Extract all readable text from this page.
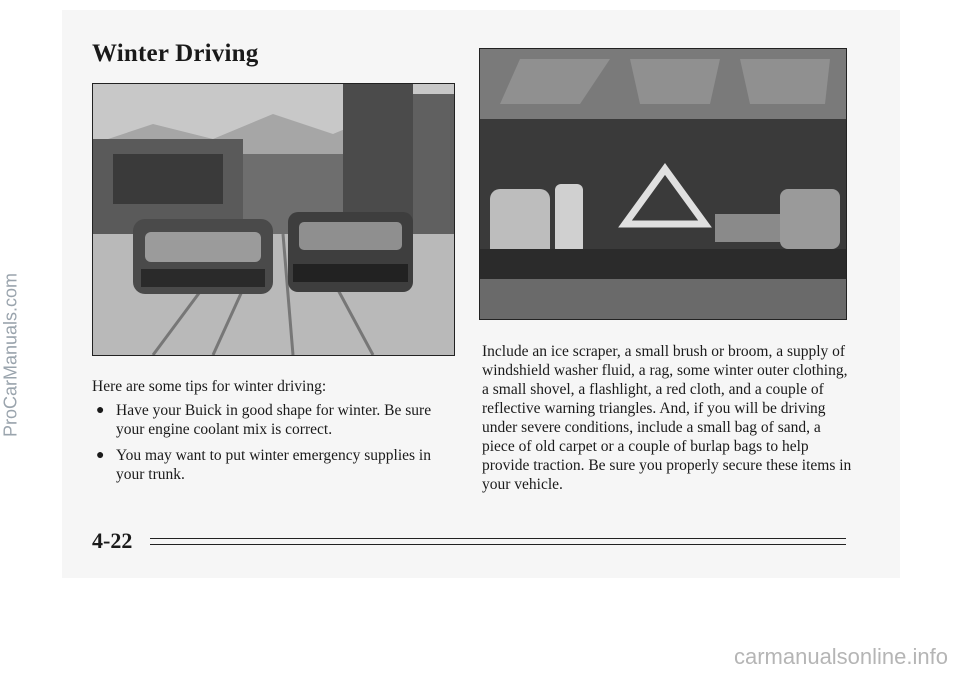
Winter Driving

Here are some tips for winter driving:

● Have your Buick in good shape for winter. Be sure your engine coolant mix is correct.
● You may want to put winter emergency supplies in your trunk.

Include an ice scraper, a small brush or broom, a supply of windshield washer fluid, a rag, some winter outer clothing, a small shovel, a flashlight, a red cloth, and a couple of reflective warning triangles. And, if you will be driving under severe conditions, include a small bag of sand, a piece of old carpet or a couple of burlap bags to help provide traction. Be sure you properly secure these items in your vehicle.

4-22
ProCarManuals.com
carmanualsonline.info
